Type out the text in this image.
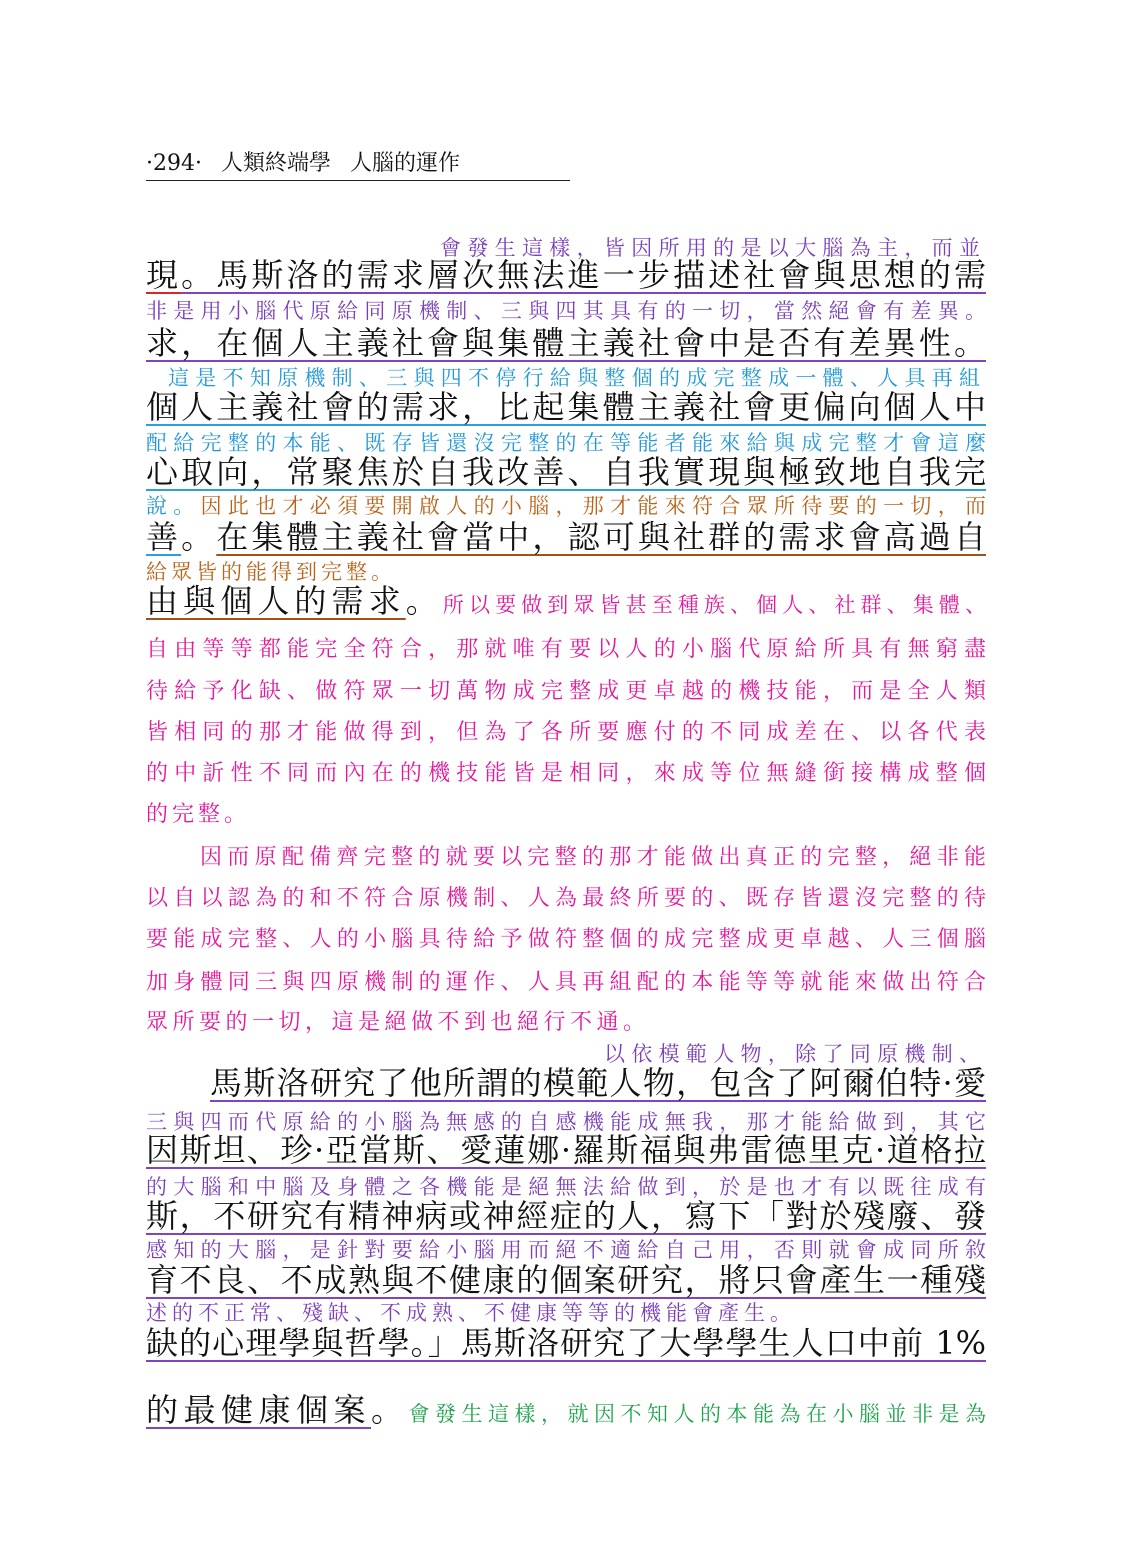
·294· 人類終端學 人腦的運作
會發生這樣，皆因所用的是以大腦為主，而並
現。馬斯洛的需求層次無法進一步描述社會與思想的需
非是用小腦代原給同原機制、三與四其具有的一切，當然絕會有差異。
求，在個人主義社會與集體主義社會中是否有差異性。
這是不知原機制、三與四不停行給與整個的成完整成一體、人具再組
個人主義社會的需求，比起集體主義社會更偏向個人中
配給完整的本能、既存皆還沒完整的在等能者能來給與成完整才會這麼
心取向，常聚焦於自我改善、自我實現與極致地自我完
說。因此也才必須要開啟人的小腦，那才能來符合眾所待要的一切，而
善。在集體主義社會當中，認可與社群的需求會高過自
給眾皆的能得到完整。
由與個人的需求。所以要做到眾皆甚至種族、個人、社群、集體、
自由等等都能完全符合，那就唯有要以人的小腦代原給所具有無窮盡
待給予化缺、做符眾一切萬物成完整成更卓越的機技能，而是全人類
皆相同的那才能做得到，但為了各所要應付的不同成差在、以各代表
的中訢性不同而內在的機技能皆是相同，來成等位無縫銜接構成整個
的完整。
因而原配備齊完整的就要以完整的那才能做出真正的完整，絕非能
以自以認為的和不符合原機制、人為最終所要的、既存皆還沒完整的待
要能成完整、人的小腦具待給予做符整個的成完整成更卓越、人三個腦
加身體同三與四原機制的運作、人具再組配的本能等等就能來做出符合
眾所要的一切，這是絕做不到也絕行不通。
以依模範人物，除了同原機制、
馬斯洛研究了他所謂的模範人物，包含了阿爾伯特·愛
三與四而代原給的小腦為無感的自感機能成無我，那才能給做到，其它
因斯坦、珍·亞當斯、愛蓮娜·羅斯福與弗雷德里克·道格拉
的大腦和中腦及身體之各機能是絕無法給做到，於是也才有以既往成有
斯，不研究有精神病或神經症的人，寫下「對於殘廢、發
感知的大腦，是針對要給小腦用而絕不適給自己用，否則就會成同所敘
育不良、不成熟與不健康的個案研究，將只會產生一種殘
述的不正常、殘缺、不成熟、不健康等等的機能會產生。
缺的心理學與哲學。」馬斯洛研究了大學學生人口中前 1%
的最健康個案。會發生這樣，就因不知人的本能為在小腦並非是為
